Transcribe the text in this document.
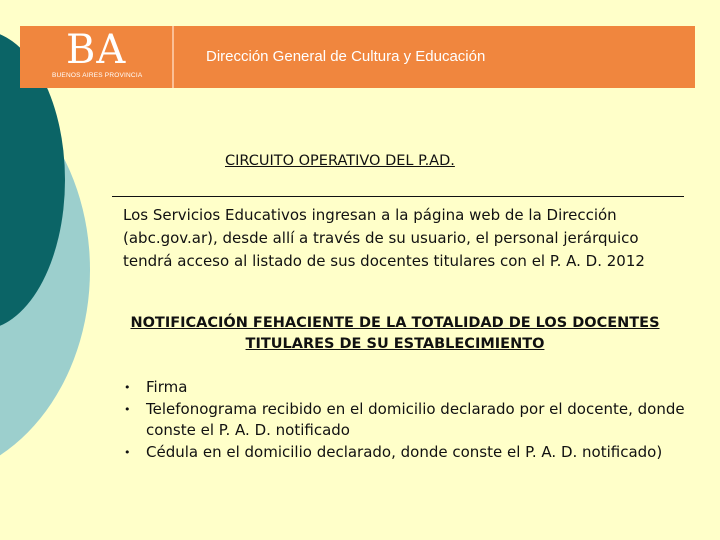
BA
BUENOS AIRES PROVINCIA
Dirección General de Cultura y Educación
CIRCUITO OPERATIVO DEL P.AD.

Los Servicios Educativos ingresan a la página web de la Dirección (abc.gov.ar), desde allí a través de su usuario, el personal jerárquico tendrá acceso al listado de sus docentes titulares con el P. A. D. 2012

NOTIFICACIÓN FEHACIENTE DE LA TOTALIDAD DE LOS DOCENTES TITULARES DE SU ESTABLECIMIENTO

• Firma
• Telefonograma recibido en el domicilio declarado por el docente, donde conste el P. A. D. notificado
• Cédula en el domicilio declarado, donde conste el P. A. D. notificado)
